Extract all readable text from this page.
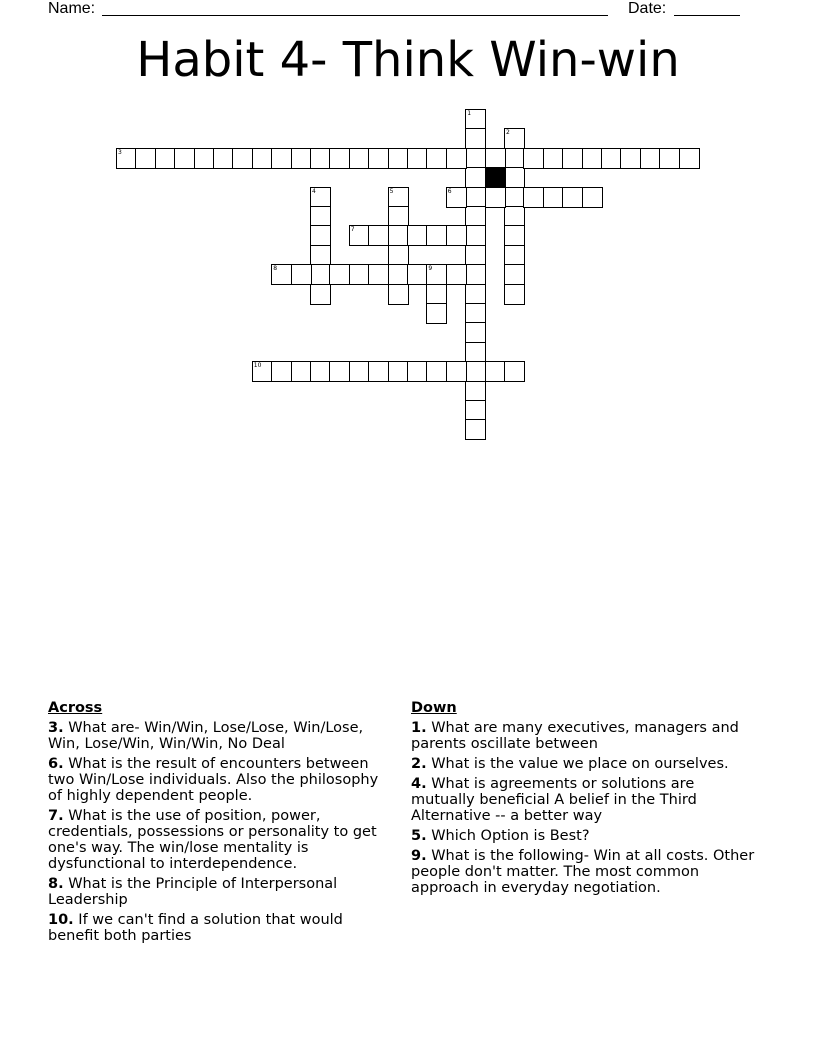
Name:	Date:
Habit 4- Think Win-win
1
2
3
4	5	6
7
8	9
10
Across
3. What are- Win/Win, Lose/Lose, Win/Lose, Win, Lose/Win, Win/Win, No Deal
6. What is the result of encounters between two Win/Lose individuals. Also the philosophy of highly dependent people.
7. What is the use of position, power, credentials, possessions or personality to get one's way. The win/lose mentality is dysfunctional to interdependence.
8. What is the Principle of Interpersonal Leadership
10. If we can't find a solution that would benefit both parties
Down
1. What are many executives, managers and parents oscillate between
2. What is the value we place on ourselves.
4. What is agreements or solutions are mutually beneficial A belief in the Third Alternative -- a better way
5. Which Option is Best?
9. What is the following- Win at all costs. Other people don't matter. The most common approach in everyday negotiation.
